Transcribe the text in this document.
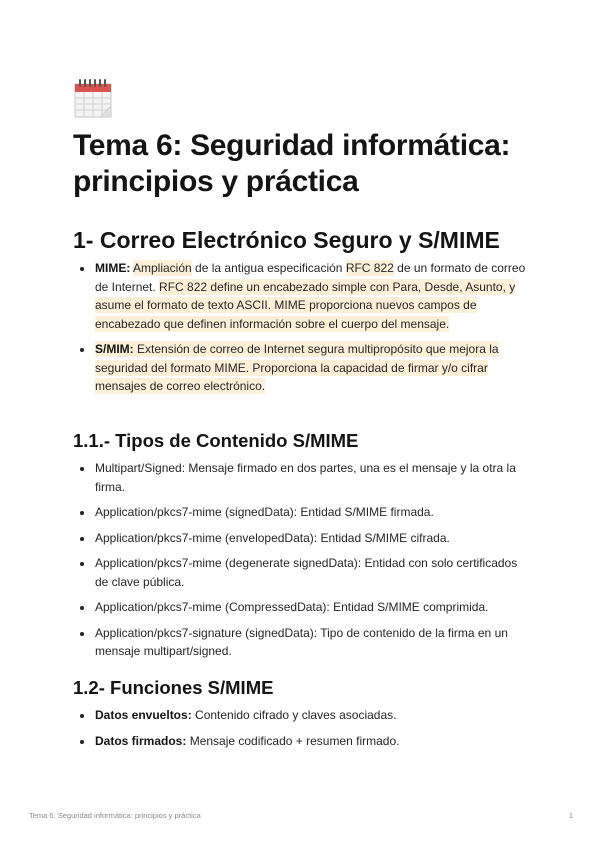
Tema 6: Seguridad informática: principios y práctica
1- Correo Electrónico Seguro y S/MIME
MIME: Ampliación de la antigua especificación RFC 822 de un formato de correo de Internet. RFC 822 define un encabezado simple con Para, Desde, Asunto, y asume el formato de texto ASCII. MIME proporciona nuevos campos de encabezado que definen información sobre el cuerpo del mensaje.
S/MIM: Extensión de correo de Internet segura multipropósito que mejora la seguridad del formato MIME. Proporciona la capacidad de firmar y/o cifrar mensajes de correo electrónico.
1.1.- Tipos de Contenido S/MIME
Multipart/Signed: Mensaje firmado en dos partes, una es el mensaje y la otra la firma.
Application/pkcs7-mime (signedData): Entidad S/MIME firmada.
Application/pkcs7-mime (envelopedData): Entidad S/MIME cifrada.
Application/pkcs7-mime (degenerate signedData): Entidad con solo certificados de clave pública.
Application/pkcs7-mime (CompressedData): Entidad S/MIME comprimida.
Application/pkcs7-signature (signedData): Tipo de contenido de la firma en un mensaje multipart/signed.
1.2- Funciones S/MIME
Datos envueltos: Contenido cifrado y claves asociadas.
Datos firmados: Mensaje codificado + resumen firmado.
Tema 6: Seguridad informática: principios y práctica	1
